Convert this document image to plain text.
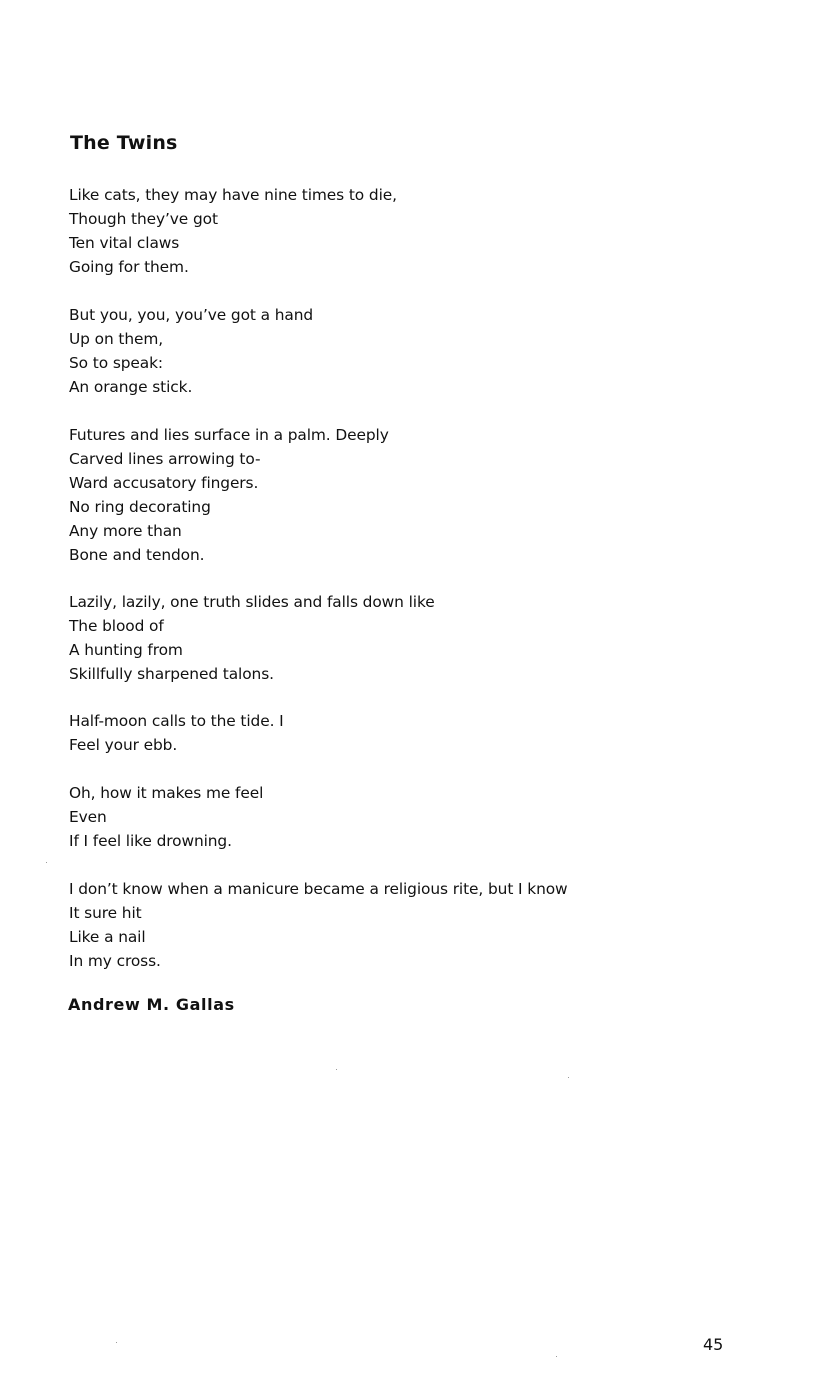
The Twins
Like cats, they may have nine times to die,
Though they’ve got
Ten vital claws
Going for them.
But you, you, you’ve got a hand
Up on them,
So to speak:
An orange stick.
Futures and lies surface in a palm. Deeply
Carved lines arrowing to-
Ward accusatory fingers.
No ring decorating
Any more than
Bone and tendon.
Lazily, lazily, one truth slides and falls down like
The blood of
A hunting from
Skillfully sharpened talons.
Half-moon calls to the tide. I
Feel your ebb.
Oh, how it makes me feel
Even
If I feel like drowning.
I don’t know when a manicure became a religious rite, but I know
It sure hit
Like a nail
In my cross.

Andrew M. Gallas

45
